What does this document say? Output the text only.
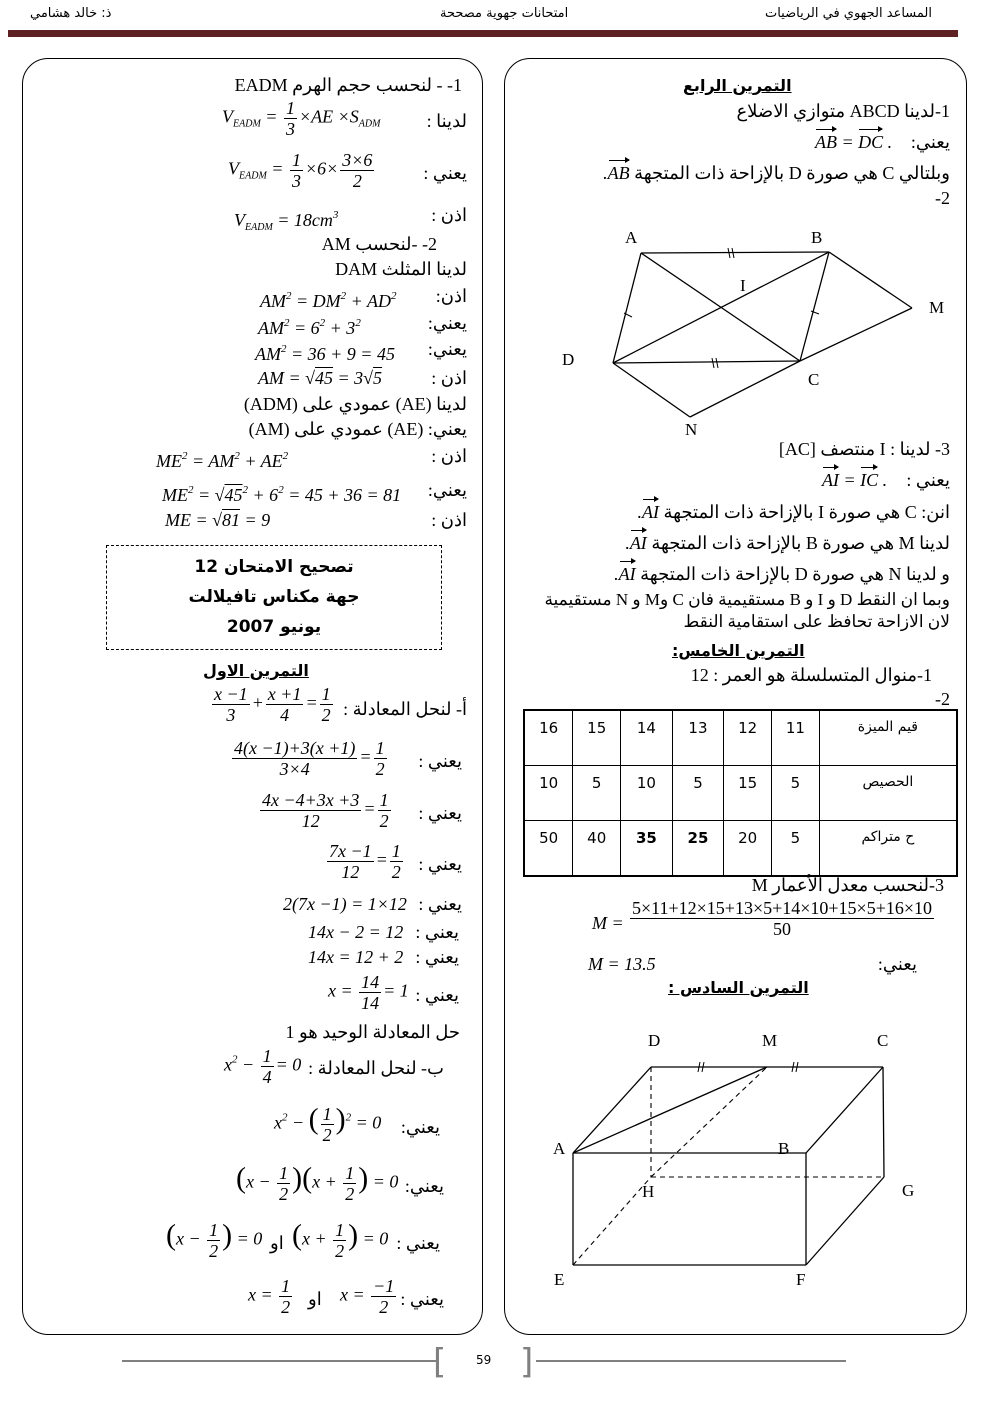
المساعد الجهوي في الرياضيات
امتحانات جهوية مصححة
ذ: خالد هشامي
1- - لنحسب حجم الهرم EADM
لدينا :
$V_{EADM} = \frac{1}{3} \times AE \times S_{ADM}$
يعني :
$V_{EADM} = \frac{1}{3} \times 6\times \frac{3\times 6}{2}$
اذن :
$V_{EADM} = 18cm^3$
2- -لنحسب AM
لدينا المثلث DAM
اذن:
$AM^2 = DM^2 + AD^2$
يعني:
$AM^2 = 6^2 + 3^2$
يعني:
$AM^2 = 36 + 9 = 45$
اذن :
AM = √45 = 3√5
لدينا (AE) عمودي على (ADM)
يعني: (AE) عمودي على (AM)
اذن :
$ME^2 = AM^2 + AE^2$
يعني:
$ME^2 = √45^2 + 6^2 = 45 + 36 = 81$
اذن :
ME = √81 = 9
تصحيح الامتحان 12
جهة مكناس تافيلالت
يونيو 2007
التمرين الاول
أ- لنحل المعادلة :
$\frac{x -1}{3} + \frac{x +1}{4} = \frac{1}{2}$
يعني :
$\frac{4(x -1)+3(x +1)}{3\times 4} = \frac{1}{2}$
يعني :
$\frac{4x -4+3x +3}{12} = \frac{1}{2}$
يعني :
$\frac{7x -1}{12} = \frac{1}{2}$
يعني :
2(7x −1) = 1×12
يعني :
14x − 2 = 12
يعني :
14x = 12 + 2
يعني :
$x = \frac{14}{14} = 1$
حل المعادلة الوحيد هو 1
ب- لنحل المعادلة :
$x^2 - \frac{1}{4} = 0$
يعني:
$x^2$ − ( $\frac{1}{2} )^2 = 0$
يعني:
$(x - \frac{1}{2} )(x + \frac{1}{2}$ ) = 0
يعني :
($x + \frac{1}{2}$ ) = 0
او
($x - \frac{1}{2}$ ) = 0
يعني :
$x = \frac{-1}{2}$
او
$x = \frac{1}{2}$
التمرين الرابع
1-لدينا ABCD متوازي الاضلاع
يعني:
AB = DC .
وبلتالي C هي صورة D بالإزاحة ذات المتجهة .AB
-2
A	B
M
D
C
N
I
3- لدينا : I منتصف [AC]
يعني :
AI = IC .
انن: C هي صورة I بالإزاحة ذات المتجهة .AI
لدينا M هي صورة B بالإزاحة ذات المتجهة .AI
و لدينا N هي صورة D بالإزاحة ذات المتجهة .AI
وبما ان النقط D و I و B مستقيمية فان C وM و N مستقيمية
لان الازاحة تحافظ على استقامية النقط
التمرين الخامس:
1-منوال المتسلسلة هو العمر : 12
-2
16	15	14	13	12	11	قيم الميزة
10	5	10	5	15	5	الحصيص
50	40	35	25	20	5	ح متراكم
3-لنحسب معدل الأعمار M
$M = \frac{5\times 11+12\times 15+13\times 5+14\times 10+15\times 5+16\times 10}{50}$
يعني:
M = 13.5
التمرين السادس :
D	M	C
A	B
H	G
E	F
[ ]
59
